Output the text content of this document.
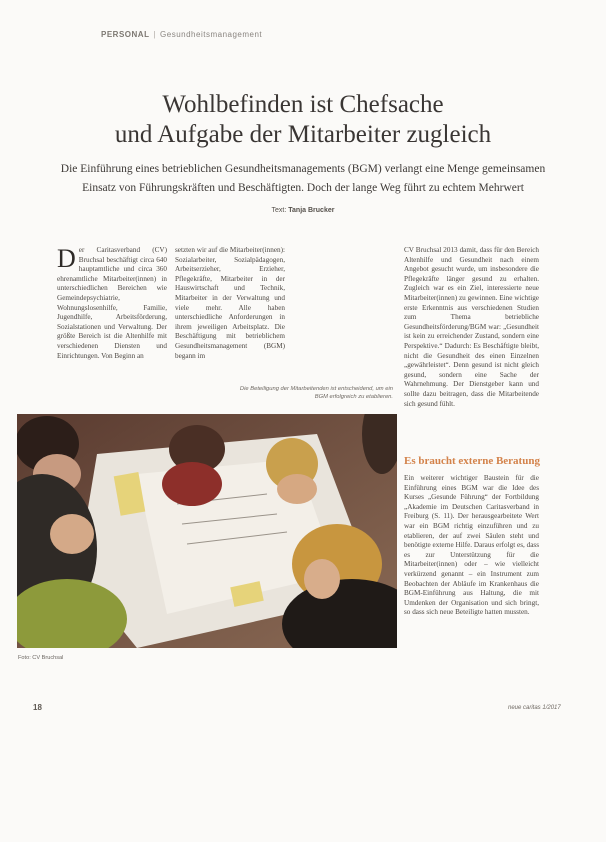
PERSONAL | Gesundheitsmanagement
Wohlbefinden ist Chefsache
und Aufgabe der Mitarbeiter zugleich
Die Einführung eines betrieblichen Gesundheitsmanagements (BGM) verlangt eine Menge gemeinsamen Einsatz von Führungskräften und Beschäftigten. Doch der lange Weg führt zu echtem Mehrwert
Text: Tanja Brucker
Der Caritasverband (CV) Bruchsal beschäftigt circa 640 hauptamtliche und circa 360 ehrenamtliche Mitarbeiter(innen) in unterschiedlichen Bereichen wie Gemeindepsychiatrie, Wohnungslosenhilfe, Familie, Jugendhilfe, Arbeitsförderung, Sozialstationen und Verwaltung. Der größte Bereich ist die Altenhilfe mit verschiedenen Diensten und Einrichtungen. Von Beginn an
setzten wir auf die Mitarbeiter(innen): Sozialarbeiter, Sozialpädagogen, Arbeitserzieher, Erzieher, Pflegekräfte, Mitarbeiter in der Hauswirtschaft und Technik, Mitarbeiter in der Verwaltung und viele mehr. Alle haben unterschiedliche Anforderungen in ihrem jeweiligen Arbeitsplatz. Die Beschäftigung mit betrieblichem Gesundheitsmanagement (BGM) begann im
Die Beteiligung der Mitarbeitenden ist entscheidend, um ein BGM erfolgreich zu etablieren.
Foto: CV Bruchsal
CV Bruchsal 2013 damit, dass für den Bereich Altenhilfe und Gesundheit nach einem Angebot gesucht wurde, um insbesondere die Pflegekräfte länger gesund zu erhalten. Zugleich war es ein Ziel, interessierte neue Mitarbeiter(innen) zu gewinnen. Eine wichtige erste Erkenntnis aus verschiedenen Studien zum Thema betriebliche Gesundheitsförderung/BGM war: „Gesundheit ist kein zu erreichender Zustand, sondern eine Perspektive.“ Dadurch: Es Beschäftigte bleibt, nicht die Gesundheit des einen Einzelnen „gewährleistet“. Denn gesund ist nicht gleich gesund, sondern eine Sache der Wahrnehmung. Der Dienstgeber kann und sollte dazu beitragen, dass die Mitarbeitende sich gesund fühlt.
Es braucht externe Beratung
Ein weiterer wichtiger Baustein für die Einführung eines BGM war die Idee des Kurses „Gesunde Führung“ der Fortbildung „Akademie im Deutschen Caritasverband in Freiburg (S. 11). Der herausgearbeitete Wert war ein BGM richtig einzuführen und zu etablieren, der auf zwei Säulen steht und benötigte externe Hilfe. Daraus erfolgt es, dass es zur Unterstützung für die Mitarbeiter(innen) oder – wie vielleicht verkürzend genannt – ein Instrument zum Beobachten der Abläufe im Krankenhaus die BGM-Einführung aus Haltung, die mit Umdenken der Organisation und sich bringt, so dass sich neue Beteiligte hatten mussten.
18	neue caritas 1/2017
